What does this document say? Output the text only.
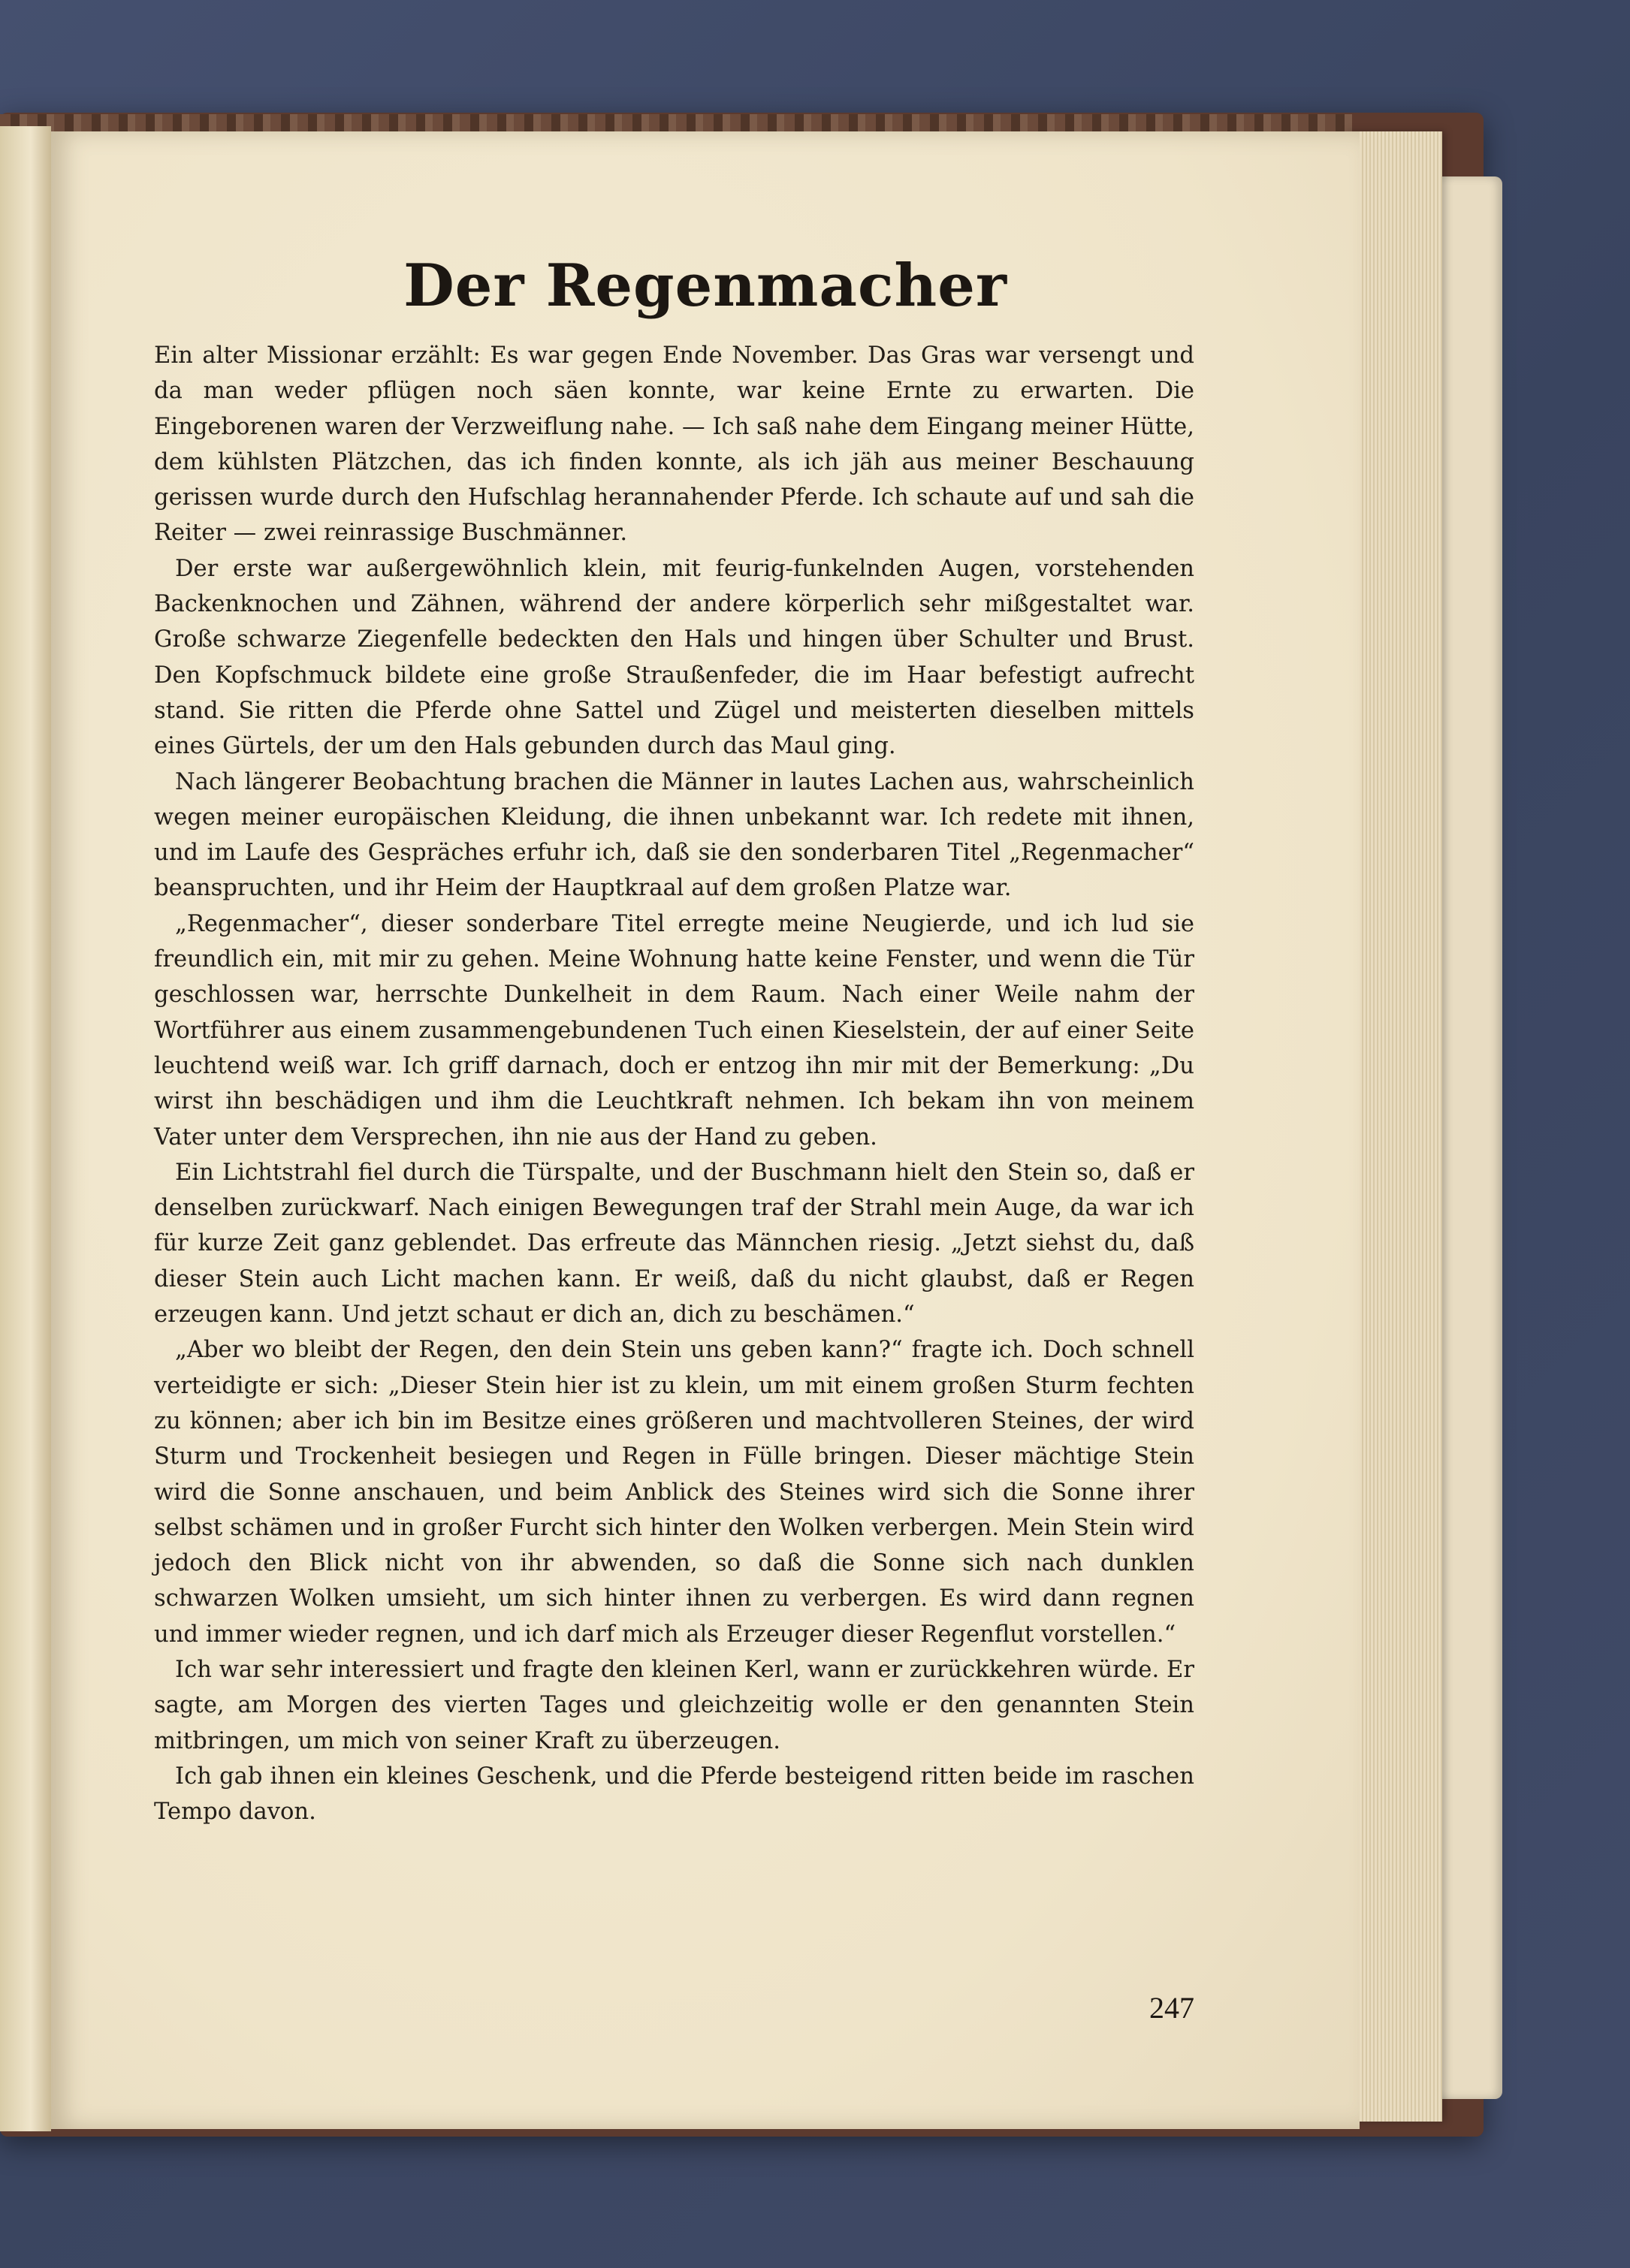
Der Regenmacher

Ein alter Missionar erzählt: Es war gegen Ende November. Das Gras war versengt und da man weder pflügen noch säen konnte, war keine Ernte zu erwarten. Die Eingeborenen waren der Verzweiflung nahe. — Ich saß nahe dem Eingang meiner Hütte, dem kühlsten Plätzchen, das ich finden konnte, als ich jäh aus meiner Beschauung gerissen wurde durch den Hufschlag herannahender Pferde. Ich schaute auf und sah die Reiter — zwei reinrassige Buschmänner.

Der erste war außergewöhnlich klein, mit feurig-funkelnden Augen, vorstehenden Backenknochen und Zähnen, während der andere körperlich sehr mißgestaltet war. Große schwarze Ziegenfelle bedeckten den Hals und hingen über Schulter und Brust. Den Kopfschmuck bildete eine große Straußenfeder, die im Haar befestigt aufrecht stand. Sie ritten die Pferde ohne Sattel und Zügel und meisterten dieselben mittels eines Gürtels, der um den Hals gebunden durch das Maul ging.

Nach längerer Beobachtung brachen die Männer in lautes Lachen aus, wahrscheinlich wegen meiner europäischen Kleidung, die ihnen unbekannt war. Ich redete mit ihnen, und im Laufe des Gespräches erfuhr ich, daß sie den sonderbaren Titel „Regenmacher“ beanspruchten, und ihr Heim der Hauptkraal auf dem großen Platze war.

„Regenmacher“, dieser sonderbare Titel erregte meine Neugierde, und ich lud sie freundlich ein, mit mir zu gehen. Meine Wohnung hatte keine Fenster, und wenn die Tür geschlossen war, herrschte Dunkelheit in dem Raum. Nach einer Weile nahm der Wortführer aus einem zusammengebundenen Tuch einen Kieselstein, der auf einer Seite leuchtend weiß war. Ich griff darnach, doch er entzog ihn mir mit der Bemerkung: „Du wirst ihn beschädigen und ihm die Leuchtkraft nehmen. Ich bekam ihn von meinem Vater unter dem Versprechen, ihn nie aus der Hand zu geben.

Ein Lichtstrahl fiel durch die Türspalte, und der Buschmann hielt den Stein so, daß er denselben zurückwarf. Nach einigen Bewegungen traf der Strahl mein Auge, da war ich für kurze Zeit ganz geblendet. Das erfreute das Männchen riesig. „Jetzt siehst du, daß dieser Stein auch Licht machen kann. Er weiß, daß du nicht glaubst, daß er Regen erzeugen kann. Und jetzt schaut er dich an, dich zu beschämen.“

„Aber wo bleibt der Regen, den dein Stein uns geben kann?“ fragte ich. Doch schnell verteidigte er sich: „Dieser Stein hier ist zu klein, um mit einem großen Sturm fechten zu können; aber ich bin im Besitze eines größeren und machtvolleren Steines, der wird Sturm und Trockenheit besiegen und Regen in Fülle bringen. Dieser mächtige Stein wird die Sonne anschauen, und beim Anblick des Steines wird sich die Sonne ihrer selbst schämen und in großer Furcht sich hinter den Wolken verbergen. Mein Stein wird jedoch den Blick nicht von ihr abwenden, so daß die Sonne sich nach dunklen schwarzen Wolken umsieht, um sich hinter ihnen zu verbergen. Es wird dann regnen und immer wieder regnen, und ich darf mich als Erzeuger dieser Regenflut vorstellen.“

Ich war sehr interessiert und fragte den kleinen Kerl, wann er zurückkehren würde. Er sagte, am Morgen des vierten Tages und gleichzeitig wolle er den genannten Stein mitbringen, um mich von seiner Kraft zu überzeugen.

Ich gab ihnen ein kleines Geschenk, und die Pferde besteigend ritten beide im raschen Tempo davon.

247
